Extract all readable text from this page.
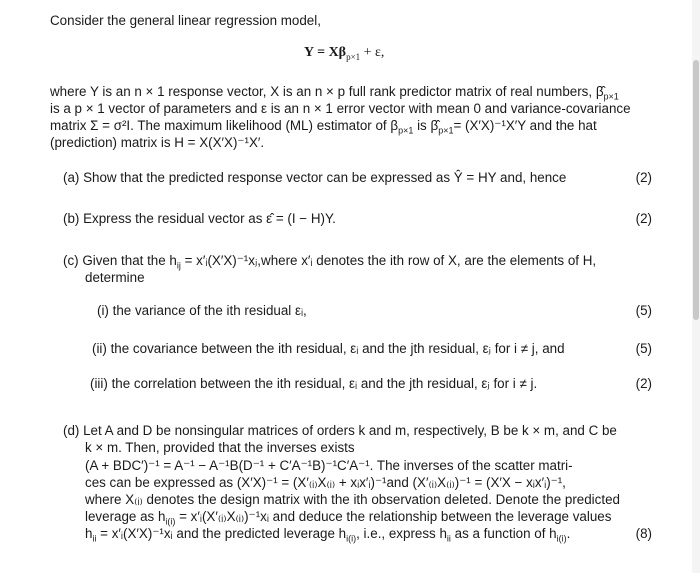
Consider the general linear regression model,
$Y = X\beta_{p\times 1} + \varepsilon$,
where Y is an n × 1 response vector, X is an n × p full rank predictor matrix of real numbers, $\betâ_{p\times 1}$
is a p × 1 vector of parameters and ε is an n × 1 error vector with mean 0 and variance-covariance
matrix Σ = σ²I. The maximum likelihood (ML) estimator of $\beta_{p\times 1}$ is $\betâ_{p\times 1}= (X'X)^{-1}X'Y$ and the hat
(prediction) matrix is H = X(X′X)⁻¹X′.
(a) Show that the predicted response vector can be expressed as Ŷ = HY and, hence	(2)
(b) Express the residual vector as ε̂ = (I − H)Y.	(2)
(c) Given that the $h_{ij}$ = x′ᵢ(X′X)⁻¹xⱼ,where x′ᵢ denotes the ith row of X, are the elements of H,
determine
(i) the variance of the ith residual εᵢ,	(5)
(ii) the covariance between the ith residual, εᵢ and the jth residual, εⱼ for i ≠ j, and	(5)
(iii) the correlation between the ith residual, εᵢ and the jth residual, εⱼ for i ≠ j.	(2)
(d) Let A and D be nonsingular matrices of orders k and m, respectively, B be k × m, and C be
k × m. Then, provided that the inverses exists
(A + BDC′)⁻¹ = A⁻¹ − A⁻¹B(D⁻¹ + C′A⁻¹B)⁻¹C′A⁻¹. The inverses of the scatter matri-
ces can be expressed as (X′X)⁻¹ = (X′₍ᵢ₎X₍ᵢ₎ + xᵢx′ᵢ)⁻¹and (X′₍ᵢ₎X₍ᵢ₎)⁻¹ = (X′X − xᵢx′ᵢ)⁻¹,
where X₍ᵢ₎ denotes the design matrix with the ith observation deleted. Denote the predicted
leverage as $h_{i(i)}$ = x′ᵢ(X′₍ᵢ₎X₍ᵢ₎)⁻¹xᵢ and deduce the relationship between the leverage values
$h_{ii}$ = x′ᵢ(X′X)⁻¹xᵢ and the predicted leverage $h_{i(i)}$, i.e., express $h_{ii}$ as a function of $h_{i(i)}$.	(8)
